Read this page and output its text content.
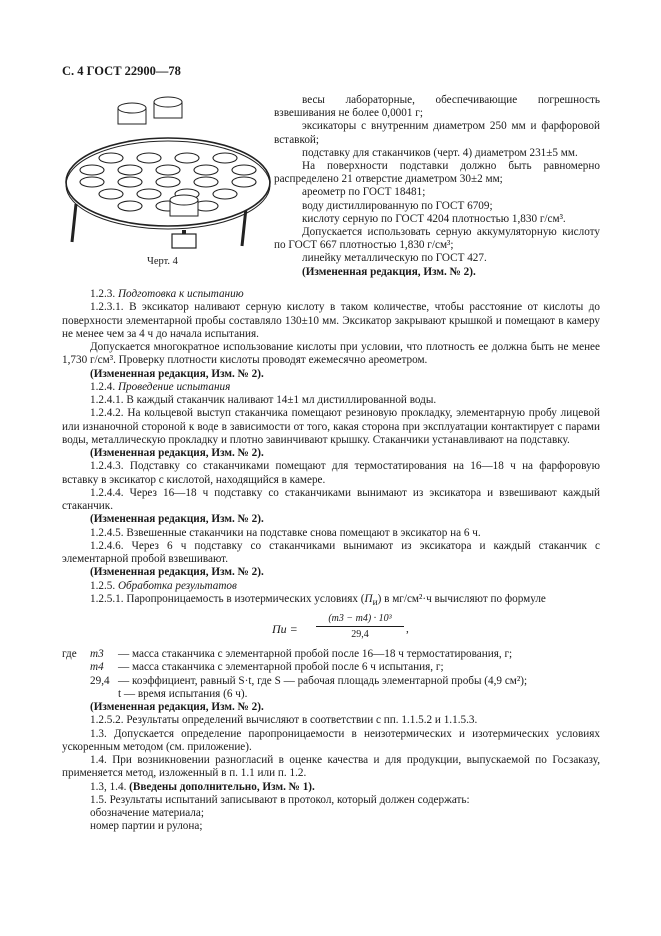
С. 4 ГОСТ 22900—78
Черт. 4

весы лабораторные, обеспечивающие погрешность взвешивания не более 0,0001 г;

эксикаторы с внутренним диаметром 250 мм и фарфоровой вставкой;

подставку для стаканчиков (черт. 4) диаметром 231±5 мм.

На поверхности подставки должно быть равномерно распределено 21 отверстие диаметром 30±2 мм;

ареометр по ГОСТ 18481;

воду дистиллированную по ГОСТ 6709;

кислоту серную по ГОСТ 4204 плотностью 1,830 г/см³.

Допускается использовать серную аккумуляторную кислоту по ГОСТ 667 плотностью 1,830 г/см³;

линейку металлическую по ГОСТ 427.

(Измененная редакция, Изм. № 2).

1.2.3. Подготовка к испытанию

1.2.3.1. В эксикатор наливают серную кислоту в таком количестве, чтобы расстояние от кислоты до поверхности элементарной пробы составляло 130±10 мм. Эксикатор закрывают крышкой и помещают в камеру не менее чем за 4 ч до начала испытания.

Допускается многократное использование кислоты при условии, что плотность ее должна быть не менее 1,730 г/см³. Проверку плотности кислоты проводят ежемесячно ареометром.

(Измененная редакция, Изм. № 2).

1.2.4. Проведение испытания

1.2.4.1. В каждый стаканчик наливают 14±1 мл дистиллированной воды.

1.2.4.2. На кольцевой выступ стаканчика помещают резиновую прокладку, элементарную пробу лицевой или изнаночной стороной к воде в зависимости от того, какая сторона при эксплуатации контактирует с парами воды, металлическую прокладку и плотно завинчивают крышку. Стаканчики устанавливают на подставку.

(Измененная редакция, Изм. № 2).

1.2.4.3. Подставку со стаканчиками помещают для термостатирования на 16—18 ч на фарфоровую вставку в эксикатор с кислотой, находящийся в камере.

1.2.4.4. Через 16—18 ч подставку со стаканчиками вынимают из эксикатора и взвешивают каждый стаканчик.

(Измененная редакция, Изм. № 2).

1.2.4.5. Взвешенные стаканчики на подставке снова помещают в эксикатор на 6 ч.

1.2.4.6. Через 6 ч подставку со стаканчиками вынимают из эксикатора и каждый стаканчик с элементарной пробой взвешивают.

(Измененная редакция, Изм. № 2).

1.2.5. Обработка результатов

1.2.5.1. Паропроницаемость в изотермических условиях $(П_и)$ в мг/см²·ч вычисляют по формуле

Пи = $\frac{\text{(m3 − m4) · 10³}}{29,4}$ ,
где	m3	— масса стаканчика с элементарной пробой после 16—18 ч термостатирования, г;
m4	— масса стаканчика с элементарной пробой после 6 ч испытания, г;
29,4 — коэффициент, равный S·t, где S — рабочая площадь элементарной пробы (4,9 см²);
t — время испытания (6 ч).

(Измененная редакция, Изм. № 2).

1.2.5.2. Результаты определений вычисляют в соответствии с пп. 1.1.5.2 и 1.1.5.3.

1.3. Допускается определение паропроницаемости в неизотермических и изотермических условиях ускоренным методом (см. приложение).

1.4. При возникновении разногласий в оценке качества и для продукции, выпускаемой по Госзаказу, применяется метод, изложенный в п. 1.1 или п. 1.2.

1.3, 1.4. (Введены дополнительно, Изм. № 1).

1.5. Результаты испытаний записывают в протокол, который должен содержать:

обозначение материала;

номер партии и рулона;
